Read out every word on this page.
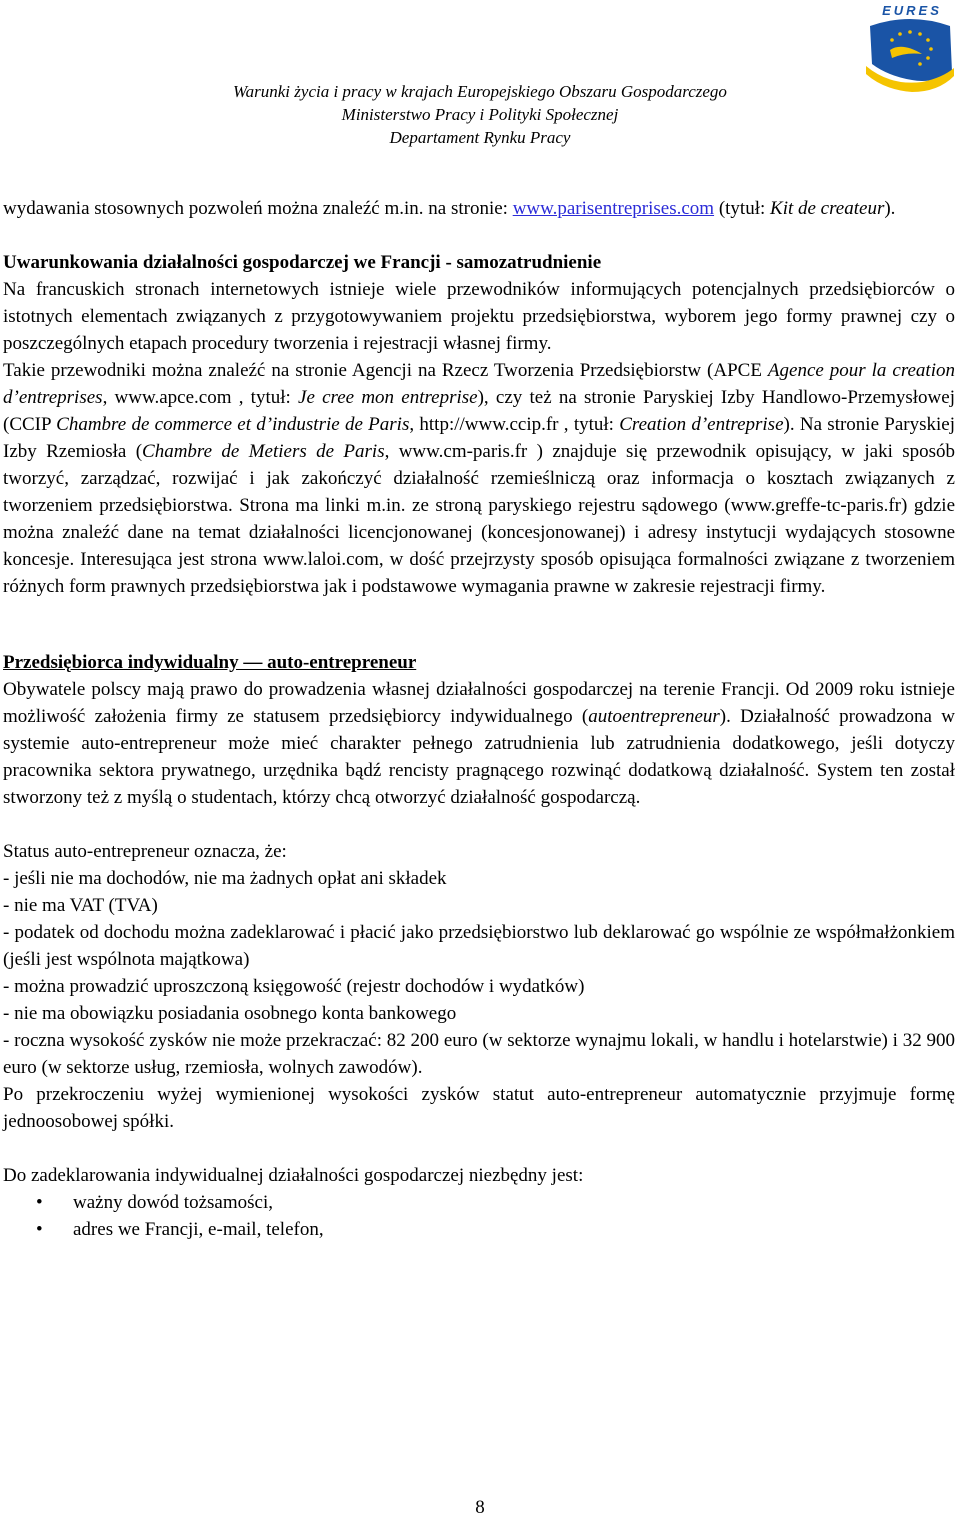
EURES
Warunki życia i pracy w krajach Europejskiego Obszaru Gospodarczego
Ministerstwo Pracy i Polityki Społecznej
Departament Rynku Pracy

wydawania stosownych pozwoleń można znaleźć m.in. na stronie: www.parisentreprises.com (tytuł: Kit de createur).

Uwarunkowania działalności gospodarczej we Francji - samozatrudnienie

Na francuskich stronach internetowych istnieje wiele przewodników informujących potencjalnych przedsiębiorców o istotnych elementach związanych z przygotowywaniem projektu przedsiębiorstwa, wyborem jego formy prawnej czy o poszczególnych etapach procedury tworzenia i rejestracji własnej firmy.

Takie przewodniki można znaleźć na stronie Agencji na Rzecz Tworzenia Przedsiębiorstw (APCE Agence pour la creation d’entreprises, www.apce.com , tytuł: Je cree mon entreprise), czy też na stronie Paryskiej Izby Handlowo-Przemysłowej (CCIP Chambre de commerce et d’industrie de Paris, http://www.ccip.fr , tytuł: Creation d’entreprise). Na stronie Paryskiej Izby Rzemiosła (Chambre de Metiers de Paris, www.cm-paris.fr ) znajduje się przewodnik opisujący, w jaki sposób tworzyć, zarządzać, rozwijać i jak zakończyć działalność rzemieślniczą oraz informacja o kosztach związanych z tworzeniem przedsiębiorstwa. Strona ma linki m.in. ze stroną paryskiego rejestru sądowego (www.greffe-tc-paris.fr) gdzie można znaleźć dane na temat działalności licencjonowanej (koncesjonowanej) i adresy instytucji wydających stosowne koncesje. Interesująca jest strona www.laloi.com, w dość przejrzysty sposób opisująca formalności związane z tworzeniem różnych form prawnych przedsiębiorstwa jak i podstawowe wymagania prawne w zakresie rejestracji firmy.

Przedsiębiorca indywidualny — auto-entrepreneur

Obywatele polscy mają prawo do prowadzenia własnej działalności gospodarczej na terenie Francji. Od 2009 roku istnieje możliwość założenia firmy ze statusem przedsiębiorcy indywidualnego (autoentrepreneur). Działalność prowadzona w systemie auto-entrepreneur może mieć charakter pełnego zatrudnienia lub zatrudnienia dodatkowego, jeśli dotyczy pracownika sektora prywatnego, urzędnika bądź rencisty pragnącego rozwinąć dodatkową działalność. System ten został stworzony też z myślą o studentach, którzy chcą otworzyć działalność gospodarczą.

Status auto-entrepreneur oznacza, że:

- jeśli nie ma dochodów, nie ma żadnych opłat ani składek

- nie ma VAT (TVA)

- podatek od dochodu można zadeklarować i płacić jako przedsiębiorstwo lub deklarować go wspólnie ze współmałżonkiem (jeśli jest wspólnota majątkowa)

- można prowadzić uproszczoną księgowość (rejestr dochodów i wydatków)

- nie ma obowiązku posiadania osobnego konta bankowego

- roczna wysokość zysków nie może przekraczać: 82 200 euro (w sektorze wynajmu lokali, w handlu i hotelarstwie) i 32 900 euro (w sektorze usług, rzemiosła, wolnych zawodów).

Po przekroczeniu wyżej wymienionej wysokości zysków statut auto-entrepreneur automatycznie przyjmuje formę jednoosobowej spółki.

Do zadeklarowania indywidualnej działalności gospodarczej niezbędny jest:

• ważny dowód tożsamości,
• adres we Francji, e-mail, telefon,
8
